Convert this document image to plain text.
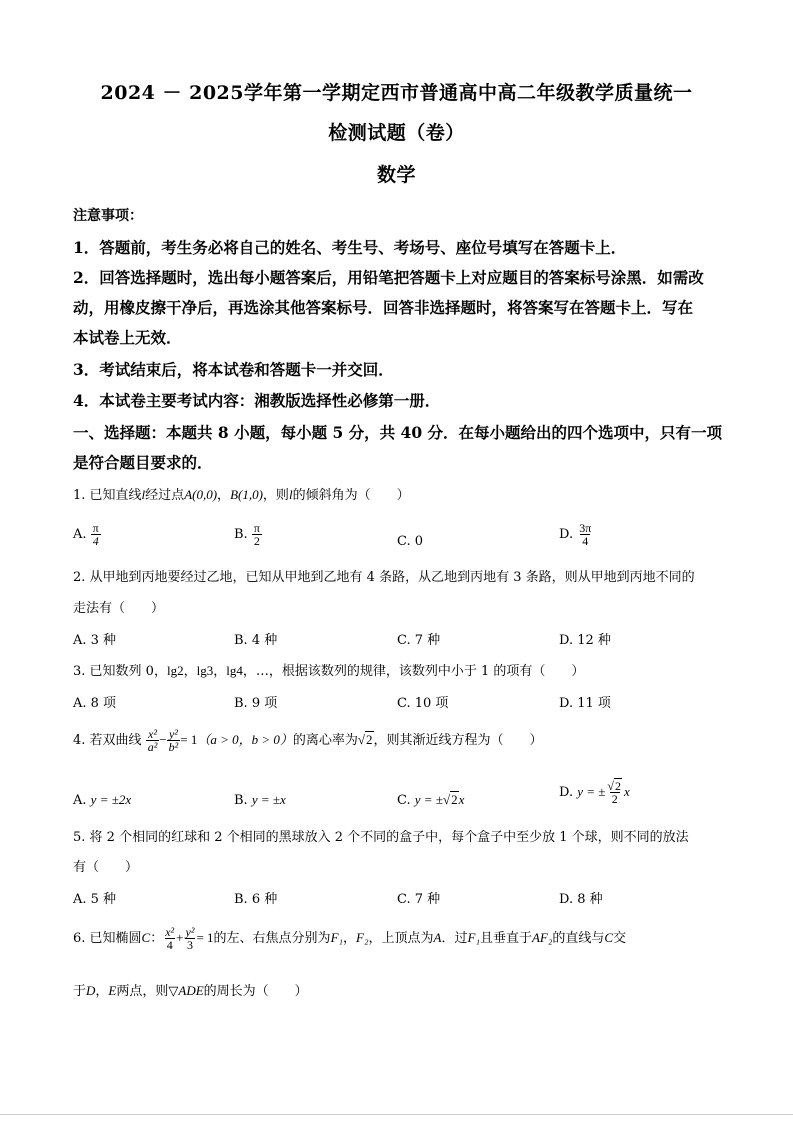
2024 － 2025学年第一学期定西市普通高中高二年级教学质量统一
检测试题（卷）
数学
注意事项：
1．答题前，考生务必将自己的姓名、考生号、考场号、座位号填写在答题卡上．
2．回答选择题时，选出每小题答案后，用铅笔把答题卡上对应题目的答案标号涂黑．如需改
动，用橡皮擦干净后，再选涂其他答案标号．回答非选择题时，将答案写在答题卡上．写在
本试卷上无效．
3．考试结束后，将本试卷和答题卡一并交回．
4．本试卷主要考试内容：湘教版选择性必修第一册．
一、选择题：本题共 8 小题，每小题 5 分，共 40 分．在每小题给出的四个选项中，只有一项
是符合题目要求的．
1. 已知直线l经过点A(0,0)，B(1,0)，则l的倾斜角为（　　）
A. $\frac{\pi}{4}$	B. $\frac{\pi}{2}$	C. 0	D. $\frac{3\pi}{4}$
2. 从甲地到丙地要经过乙地，已知从甲地到乙地有 4 条路，从乙地到丙地有 3 条路，则从甲地到丙地不同的
走法有（　　）
A. 3 种	B. 4 种	C. 7 种	D. 12 种
3. 已知数列 0，lg2，lg3，lg4，…，根据该数列的规律，该数列中小于 1 的项有（　　）
A. 8 项	B. 9 项	C. 10 项	D. 11 项
4. 若双曲线 $\frac{\text{x²}}{\text{a²}} - \frac{\text{y²}}{\text{b²}} = 1(a > 0$，b > 0）的离心率为√2，则其渐近线方程为（　　）
A. y = ±2x	B. y = ±x	C. y = ±√2x	D. y = ± $\frac{√2}{2}$ x
5. 将 2 个相同的红球和 2 个相同的黑球放入 2 个不同的盒子中，每个盒子中至少放 1 个球，则不同的放法
有（　　）
A. 5 种	B. 6 种	C. 7 种	D. 8 种
6. 已知椭圆C： $\frac{\text{x²}}{4} + \frac{\text{y²}}{3} = 1$的左、右焦点分别为F₁，F₂，上顶点为A．过F₁且垂直于AF₂的直线与C交
于D，E两点，则▽ADE的周长为（　　）
